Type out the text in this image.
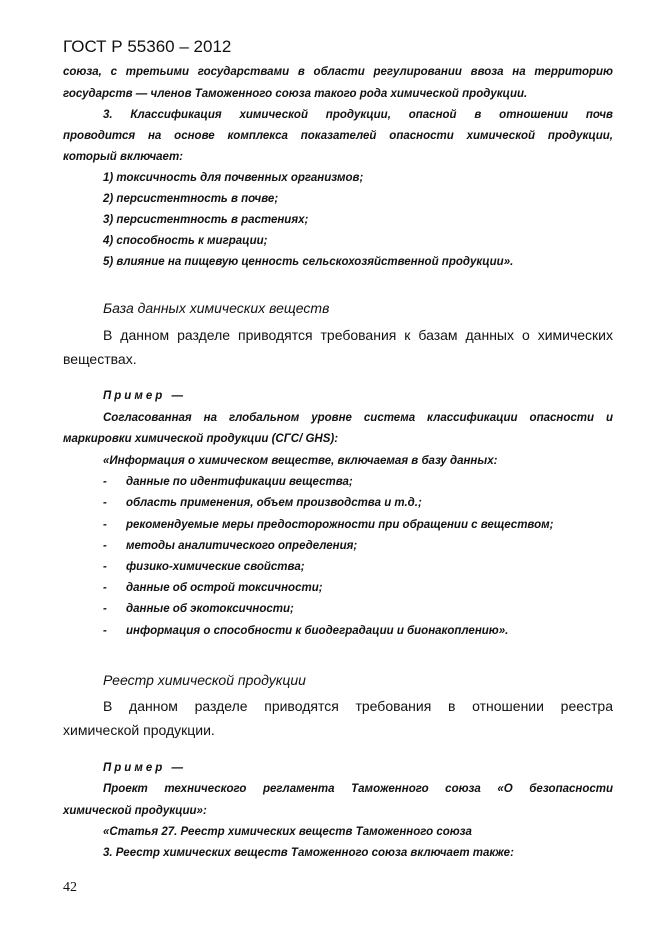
ГОСТ Р 55360 – 2012
союза, с третьими государствами в области регулировании ввоза на территорию
государств — членов Таможенного союза такого рода химической продукции.
3. Классификация химической продукции, опасной в отношении почв
проводится на основе комплекса показателей опасности химической продукции,
который включает:
1) токсичность для почвенных организмов;
2) персистентность в почве;
3) персистентность в растениях;
4) способность к миграции;
5) влияние на пищевую ценность сельскохозяйственной продукции».
База данных химических веществ
В данном разделе приводятся требования к базам данных о химических
веществах.
Пример —
Согласованная на глобальном уровне система классификации опасности и
маркировки химической продукции (СГС/ GHS):
«Информация о химическом веществе, включаемая в базу данных:
- данные по идентификации вещества;
- область применения, объем производства и т.д.;
- рекомендуемые меры предосторожности при обращении с веществом;
- методы аналитического определения;
- физико-химические свойства;
- данные об острой токсичности;
- данные об экотоксичности;
- информация о способности к биодеградации и бионакоплению».
Реестр химической продукции
В данном разделе приводятся требования в отношении реестра
химической продукции.
Пример —
Проект технического регламента Таможенного союза «О безопасности
химической продукции»:
«Статья 27. Реестр химических веществ Таможенного союза
3. Реестр химических веществ Таможенного союза включает также:
42
